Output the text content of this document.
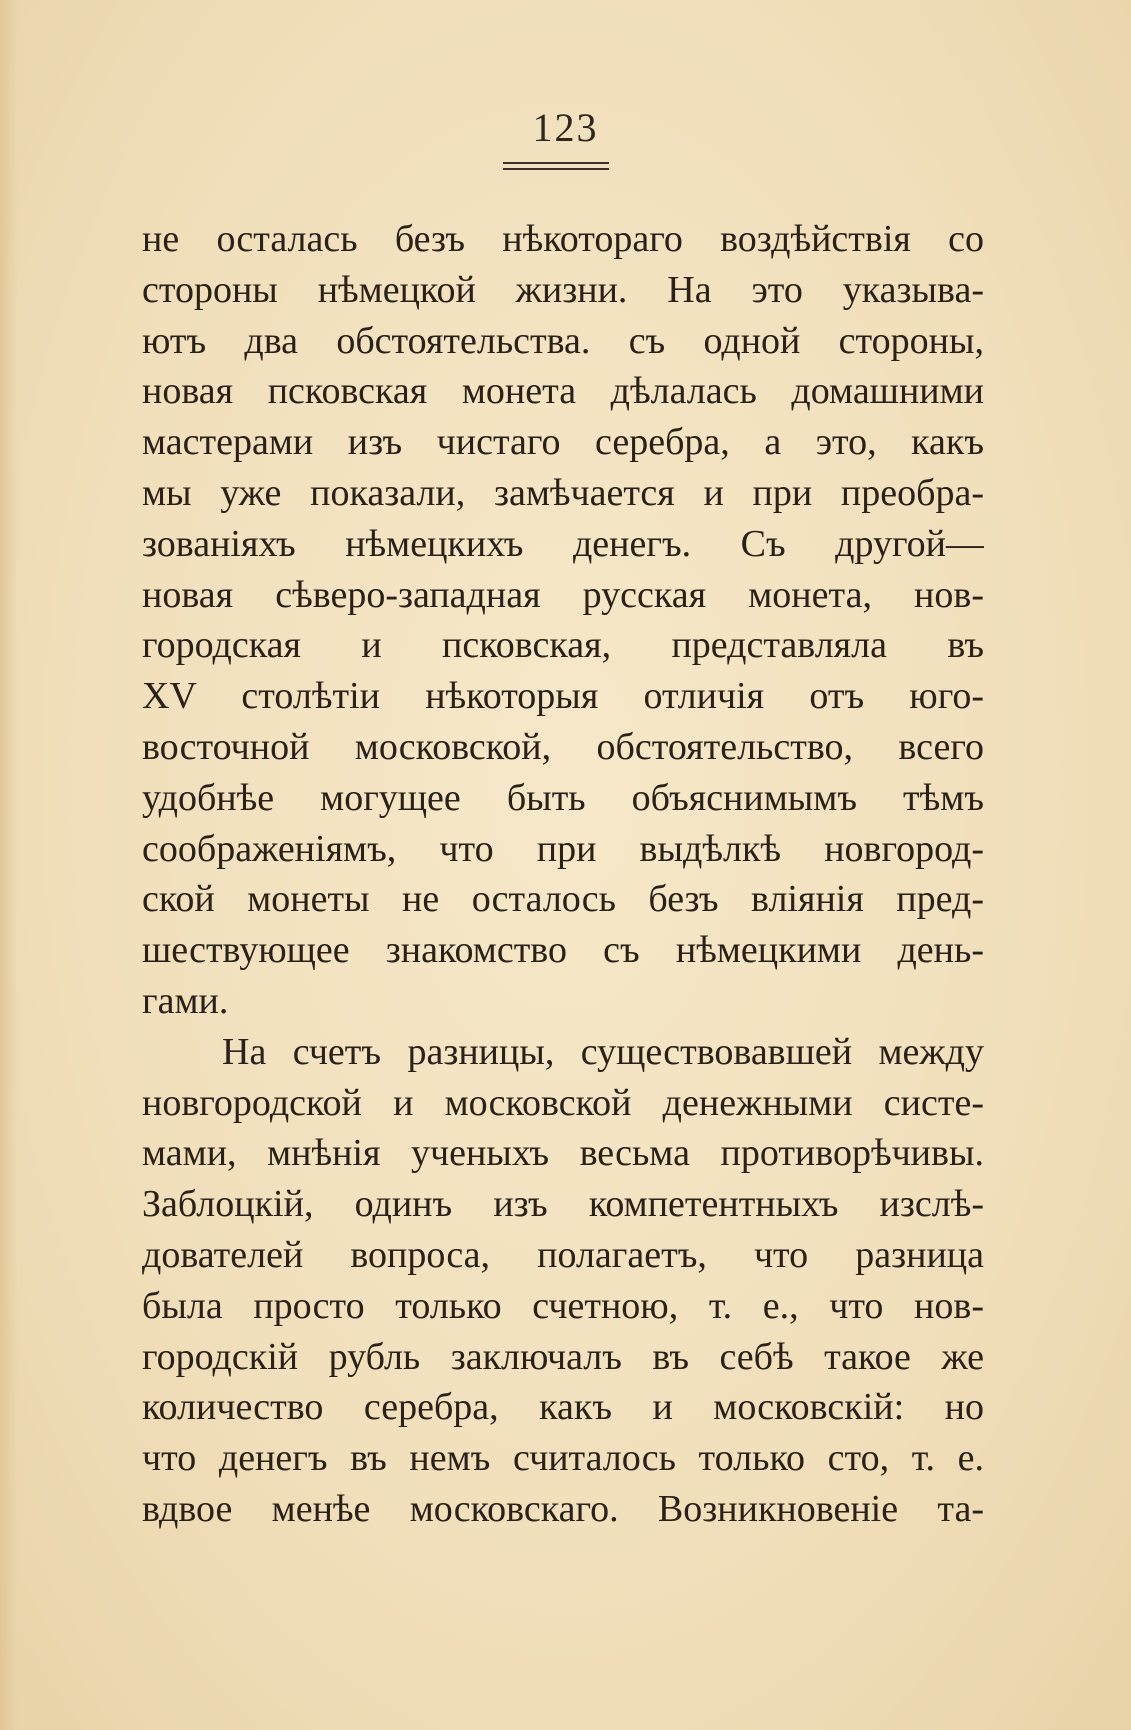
123
не осталась безъ нѣкотораго воздѣйствія со
стороны нѣмецкой жизни. На это указыва-
ютъ два обстоятельства. съ одной стороны,
новая псковская монета дѣлалась домашними
мастерами изъ чистаго серебра, а это, какъ
мы уже показали, замѣчается и при преобра-
зованіяхъ нѣмецкихъ денегъ. Съ другой—
новая сѣверо-западная русская монета, нов-
городская и псковская, представляла въ
XV столѣтіи нѣкоторыя отличія отъ юго-
восточной московской, обстоятельство, всего
удобнѣе могущее быть объяснимымъ тѣмъ
соображеніямъ, что при выдѣлкѣ новгород-
ской монеты не осталось безъ вліянія пред-
шествующее знакомство съ нѣмецкими день-
гами.
На счетъ разницы, существовавшей между
новгородской и московской денежными систе-
мами, мнѣнія ученыхъ весьма противорѣчивы.
Заблоцкій, одинъ изъ компетентныхъ изслѣ-
дователей вопроса, полагаетъ, что разница
была просто только счетною, т. е., что нов-
городскій рубль заключалъ въ себѣ такое же
количество серебра, какъ и московскій: но
что денегъ въ немъ считалось только сто, т. е.
вдвое менѣе московскаго. Возникновеніе та-
